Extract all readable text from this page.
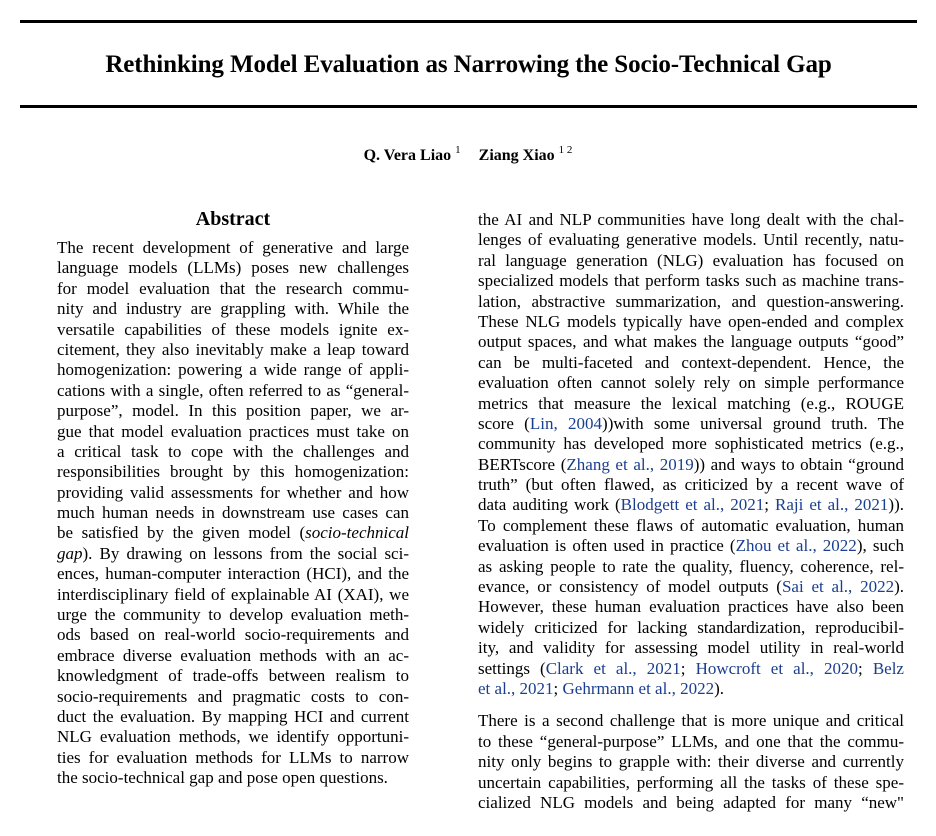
Rethinking Model Evaluation as Narrowing the Socio-Technical Gap
Q. Vera Liao $^1$ Ziang Xiao $^{1 2}$
Abstract
The recent development of generative and large
language models (LLMs) poses new challenges
for model evaluation that the research commu-
nity and industry are grappling with. While the
versatile capabilities of these models ignite ex-
citement, they also inevitably make a leap toward
homogenization: powering a wide range of appli-
cations with a single, often referred to as “general-
purpose”, model. In this position paper, we ar-
gue that model evaluation practices must take on
a critical task to cope with the challenges and
responsibilities brought by this homogenization:
providing valid assessments for whether and how
much human needs in downstream use cases can
be satisfied by the given model (socio-technical
gap). By drawing on lessons from the social sci-
ences, human-computer interaction (HCI), and the
interdisciplinary field of explainable AI (XAI), we
urge the community to develop evaluation meth-
ods based on real-world socio-requirements and
embrace diverse evaluation methods with an ac-
knowledgment of trade-offs between realism to
socio-requirements and pragmatic costs to con-
duct the evaluation. By mapping HCI and current
NLG evaluation methods, we identify opportuni-
ties for evaluation methods for LLMs to narrow
the socio-technical gap and pose open questions.
the AI and NLP communities have long dealt with the chal-
lenges of evaluating generative models. Until recently, natu-
ral language generation (NLG) evaluation has focused on
specialized models that perform tasks such as machine trans-
lation, abstractive summarization, and question-answering.
These NLG models typically have open-ended and complex
output spaces, and what makes the language outputs “good”
can be multi-faceted and context-dependent. Hence, the
evaluation often cannot solely rely on simple performance
metrics that measure the lexical matching (e.g., ROUGE
score (Lin, 2004))with some universal ground truth. The
community has developed more sophisticated metrics (e.g.,
BERTscore (Zhang et al., 2019)) and ways to obtain “ground
truth” (but often flawed, as criticized by a recent wave of
data auditing work (Blodgett et al., 2021; Raji et al., 2021)).
To complement these flaws of automatic evaluation, human
evaluation is often used in practice (Zhou et al., 2022), such
as asking people to rate the quality, fluency, coherence, rel-
evance, or consistency of model outputs (Sai et al., 2022).
However, these human evaluation practices have also been
widely criticized for lacking standardization, reproducibil-
ity, and validity for assessing model utility in real-world
settings (Clark et al., 2021; Howcroft et al., 2020; Belz
et al., 2021; Gehrmann et al., 2022).
There is a second challenge that is more unique and critical
to these “general-purpose” LLMs, and one that the commu-
nity only begins to grapple with: their diverse and currently
uncertain capabilities, performing all the tasks of these spe-
cialized NLG models and being adapted for many “new"
